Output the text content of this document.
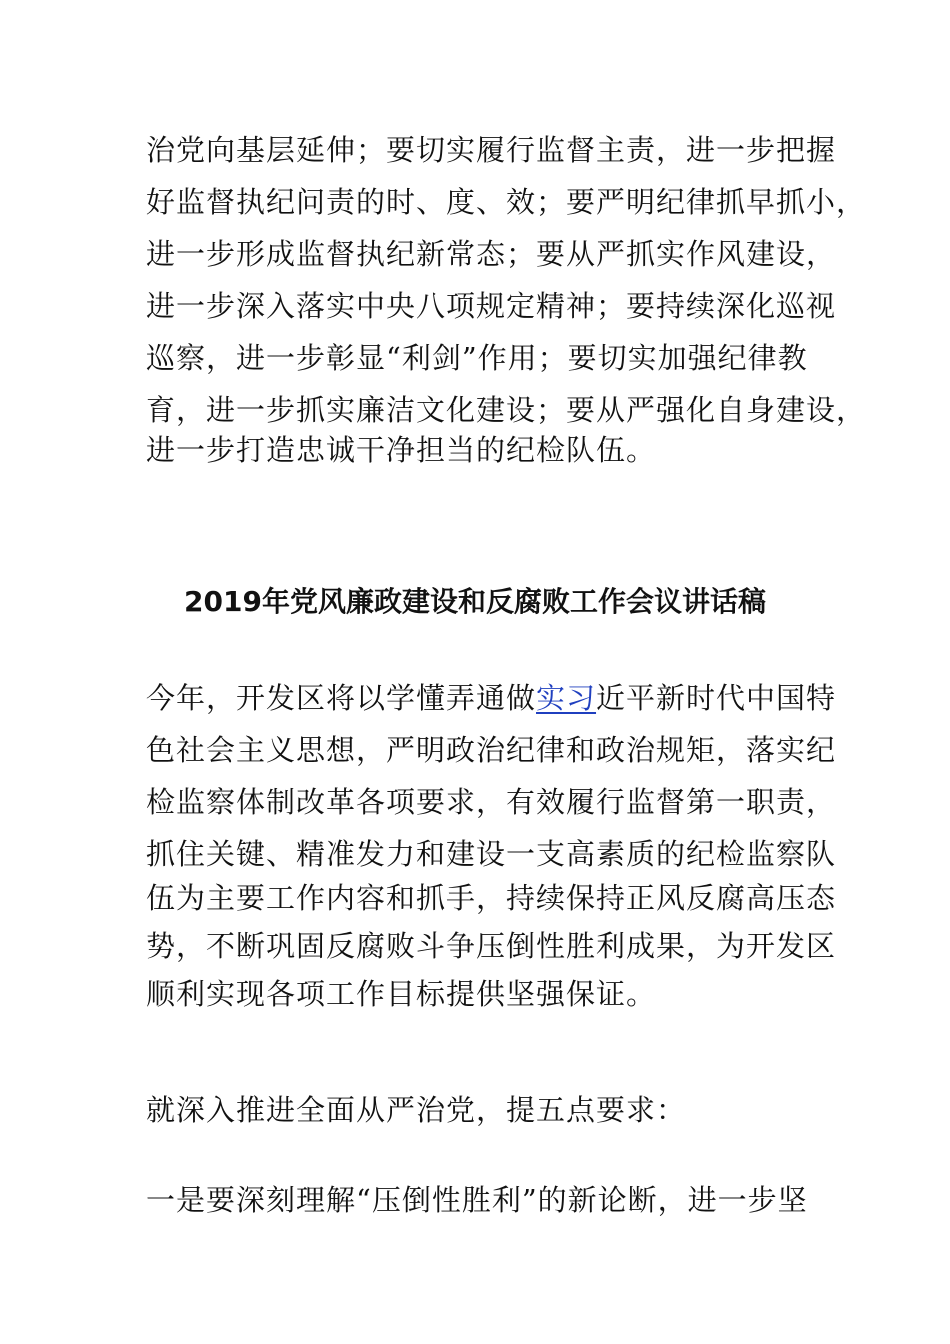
治党向基层延伸；要切实履行监督主责，进一步把握
好监督执纪问责的时、度、效；要严明纪律抓早抓小，
进一步形成监督执纪新常态；要从严抓实作风建设，
进一步深入落实中央八项规定精神；要持续深化巡视
巡察，进一步彰显“利剑”作用；要切实加强纪律教
育，进一步抓实廉洁文化建设；要从严强化自身建设，
进一步打造忠诚干净担当的纪检队伍。
2019年党风廉政建设和反腐败工作会议讲话稿
今年，开发区将以学懂弄通做实习近平新时代中国特
色社会主义思想，严明政治纪律和政治规矩，落实纪
检监察体制改革各项要求，有效履行监督第一职责，
抓住关键、精准发力和建设一支高素质的纪检监察队
伍为主要工作内容和抓手，持续保持正风反腐高压态
势，不断巩固反腐败斗争压倒性胜利成果，为开发区
顺利实现各项工作目标提供坚强保证。
就深入推进全面从严治党，提五点要求：
一是要深刻理解“压倒性胜利”的新论断，进一步坚
